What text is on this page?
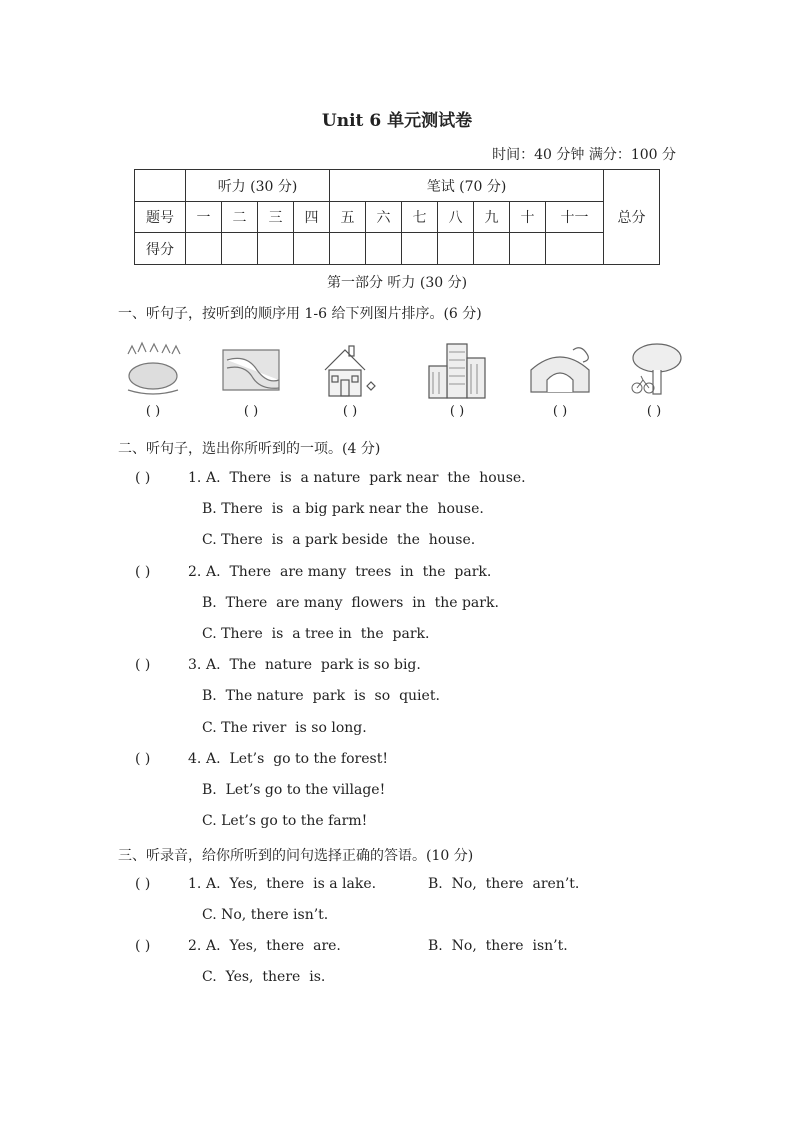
Unit 6 单元测试卷
时间：40 分钟 满分：100 分
	听力 (30 分)				笔试 (70 分)							总分
题号	一	二	三	四	五	六	七	八	九	十	十一	
得分												
第一部分 听力 (30 分)
一、听句子，按听到的顺序用 1-6 给下列图片排序。(6 分)
( )	( )	( )	( )	( )	( )
二、听句子，选出你所听到的一项。(4 分)
( )	1. A.  There  is  a nature  park near  the  house.
B. There  is  a big park near the  house.
C. There  is  a park beside  the  house.
( )	2. A.  There  are many  trees  in  the  park.
B.  There  are many  flowers  in  the park.
C. There  is  a tree in  the  park.
( )	3. A.  The  nature  park is so big.
B.  The nature  park  is  so  quiet.
C. The river  is so long.
( )	4. A.  Let’s  go to the forest!
B.  Let’s go to the village!
C. Let’s go to the farm!
三、听录音，给你所听到的问句选择正确的答语。(10 分)
( )	1. A.  Yes,  there  is a lake.	B.  No,  there  aren’t.
C. No, there isn’t.
( )	2. A.  Yes,  there  are.	B.  No,  there  isn’t.
C.  Yes,  there  is.
